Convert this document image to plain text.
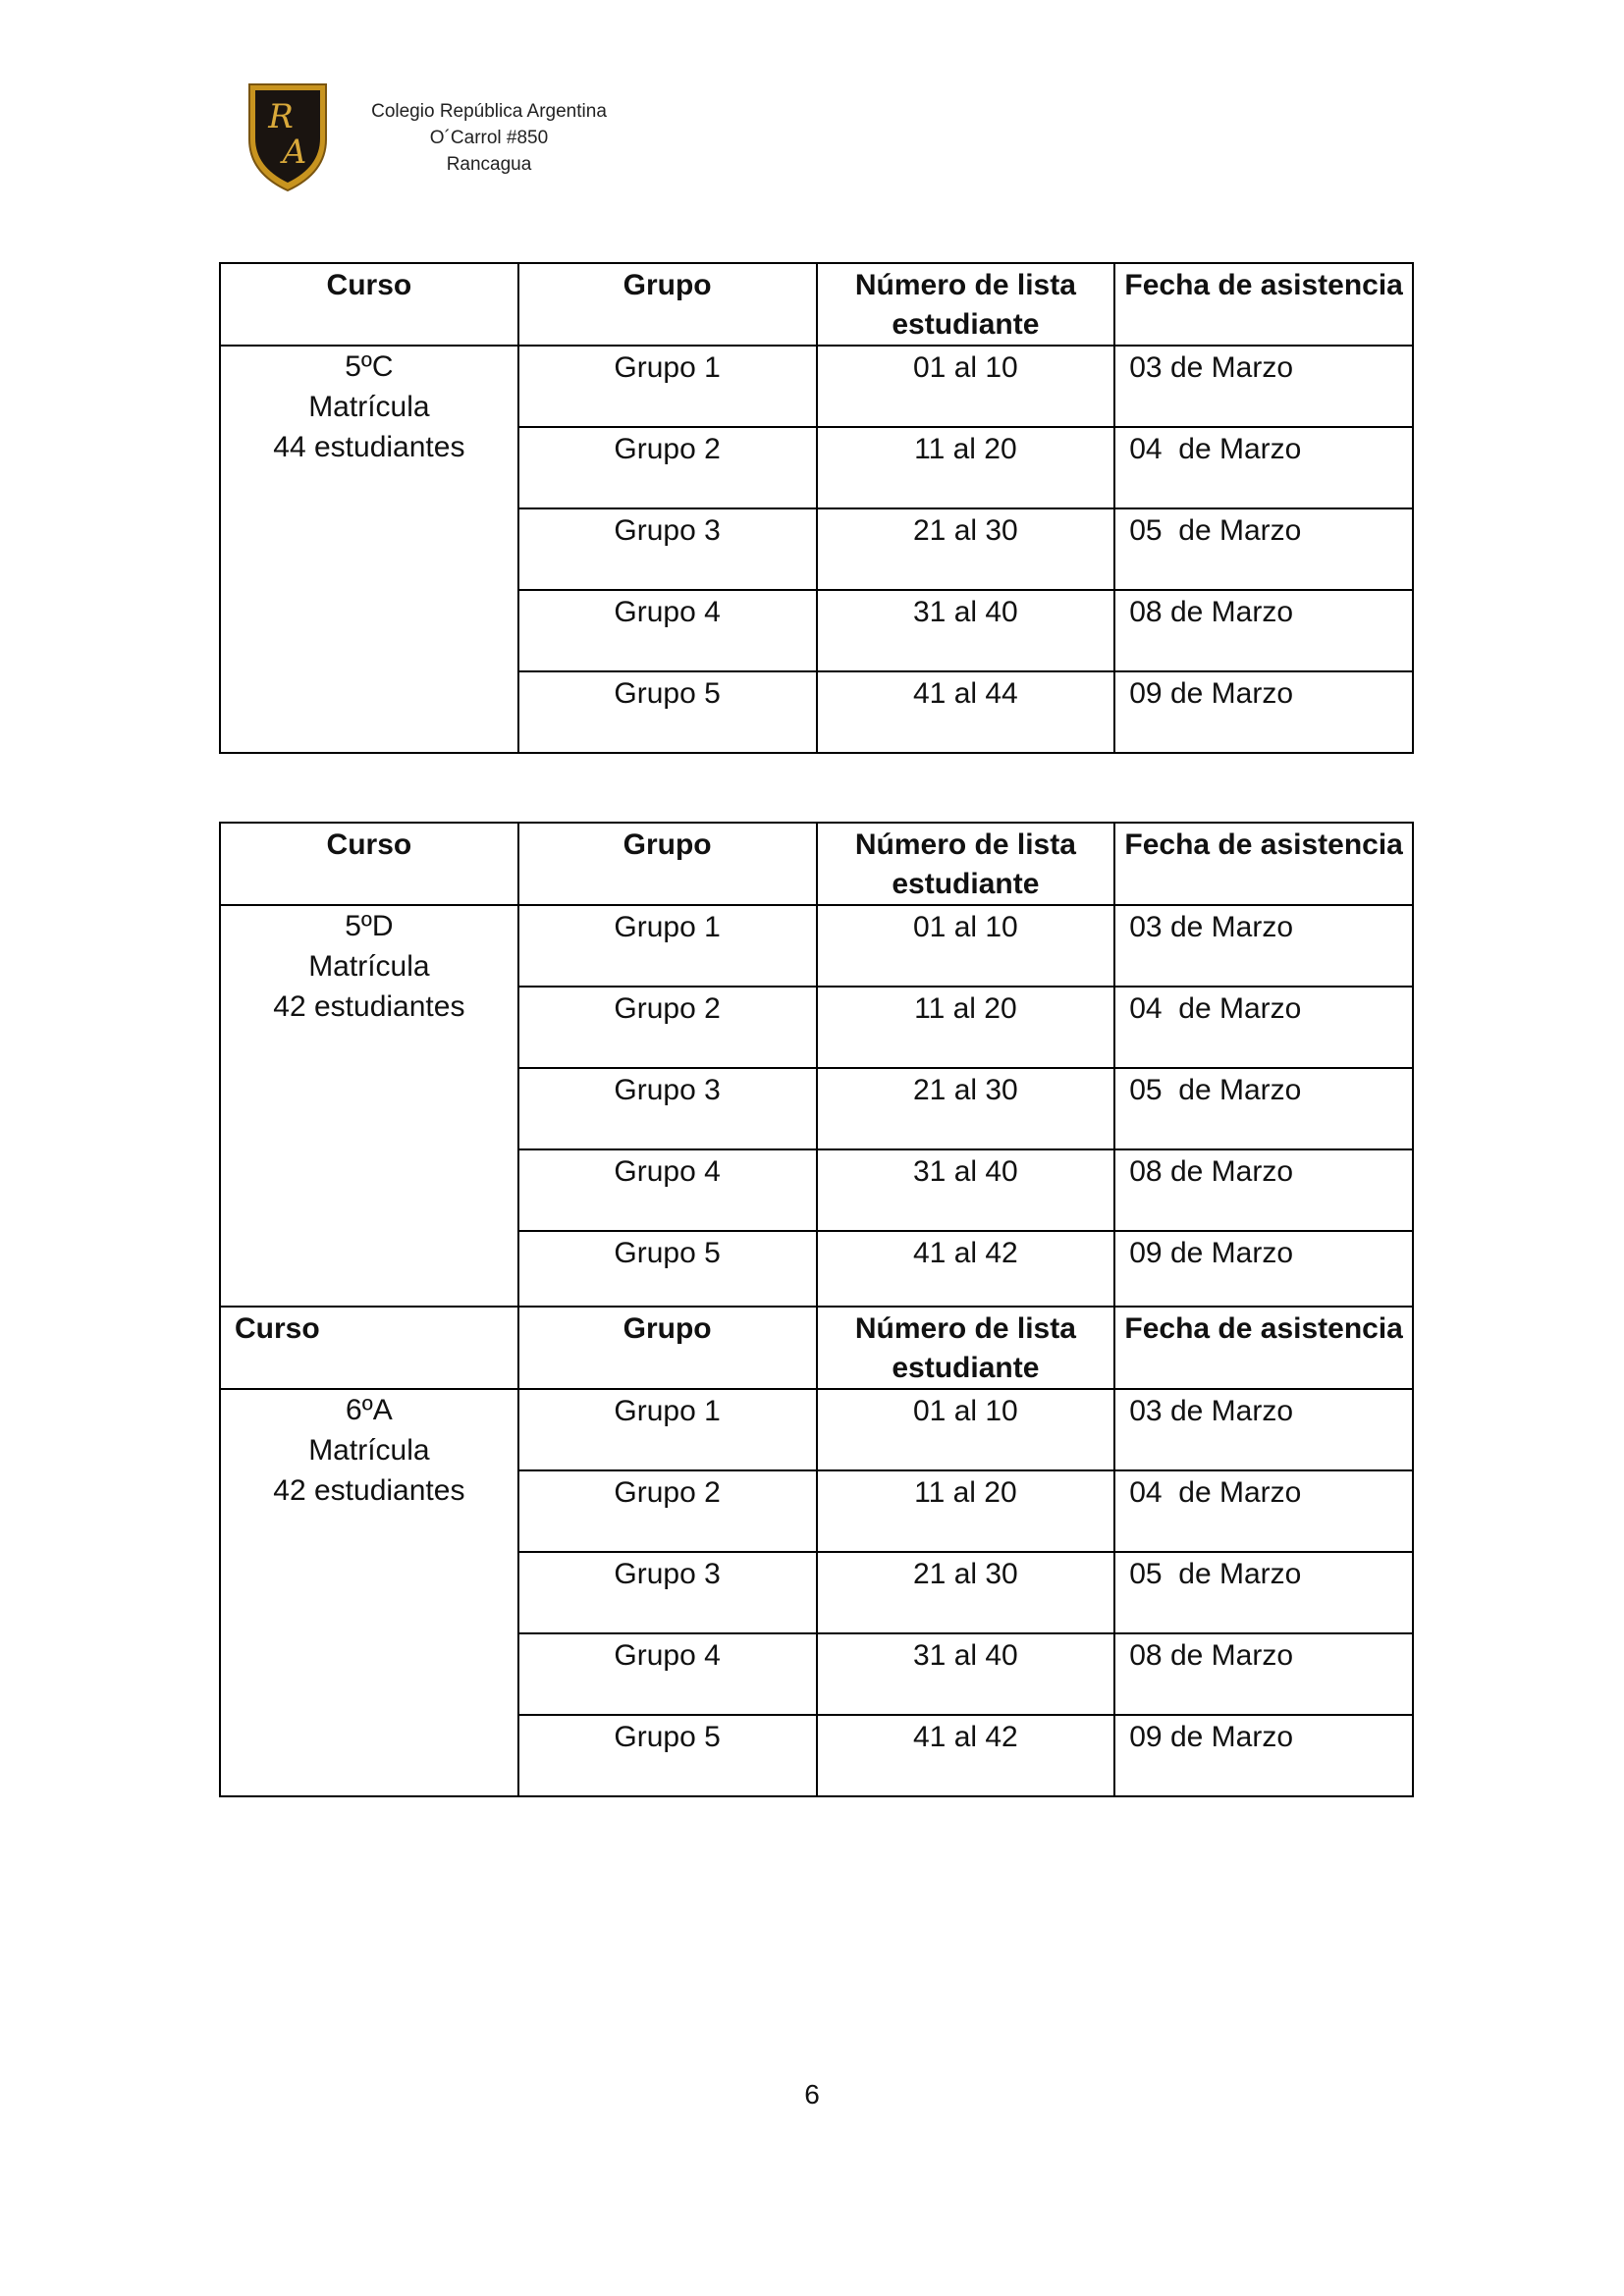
R
A
Colegio República Argentina
O´Carrol #850
Rancagua
Curso	Grupo	Número de lista estudiante	Fecha de asistencia

5ºC
Matrícula
44 estudiantes	Grupo 1	01 al 10	03 de Marzo

	Grupo 2	11 al 20	04  de Marzo

	Grupo 3	21 al 30	05  de Marzo

	Grupo 4	31 al 40	08 de Marzo

	Grupo 5	41 al 44	09 de Marzo
Curso	Grupo	Número de lista estudiante	Fecha de asistencia

5ºD
Matrícula
42 estudiantes	Grupo 1	01 al 10	03 de Marzo

	Grupo 2	11 al 20	04  de Marzo

	Grupo 3	21 al 30	05  de Marzo

	Grupo 4	31 al 40	08 de Marzo

	Grupo 5	41 al 42	09 de Marzo

Curso	Grupo	Número de lista estudiante	Fecha de asistencia

6ºA
Matrícula
42 estudiantes	Grupo 1	01 al 10	03 de Marzo

	Grupo 2	11 al 20	04  de Marzo

	Grupo 3	21 al 30	05  de Marzo

	Grupo 4	31 al 40	08 de Marzo

	Grupo 5	41 al 42	09 de Marzo
6
